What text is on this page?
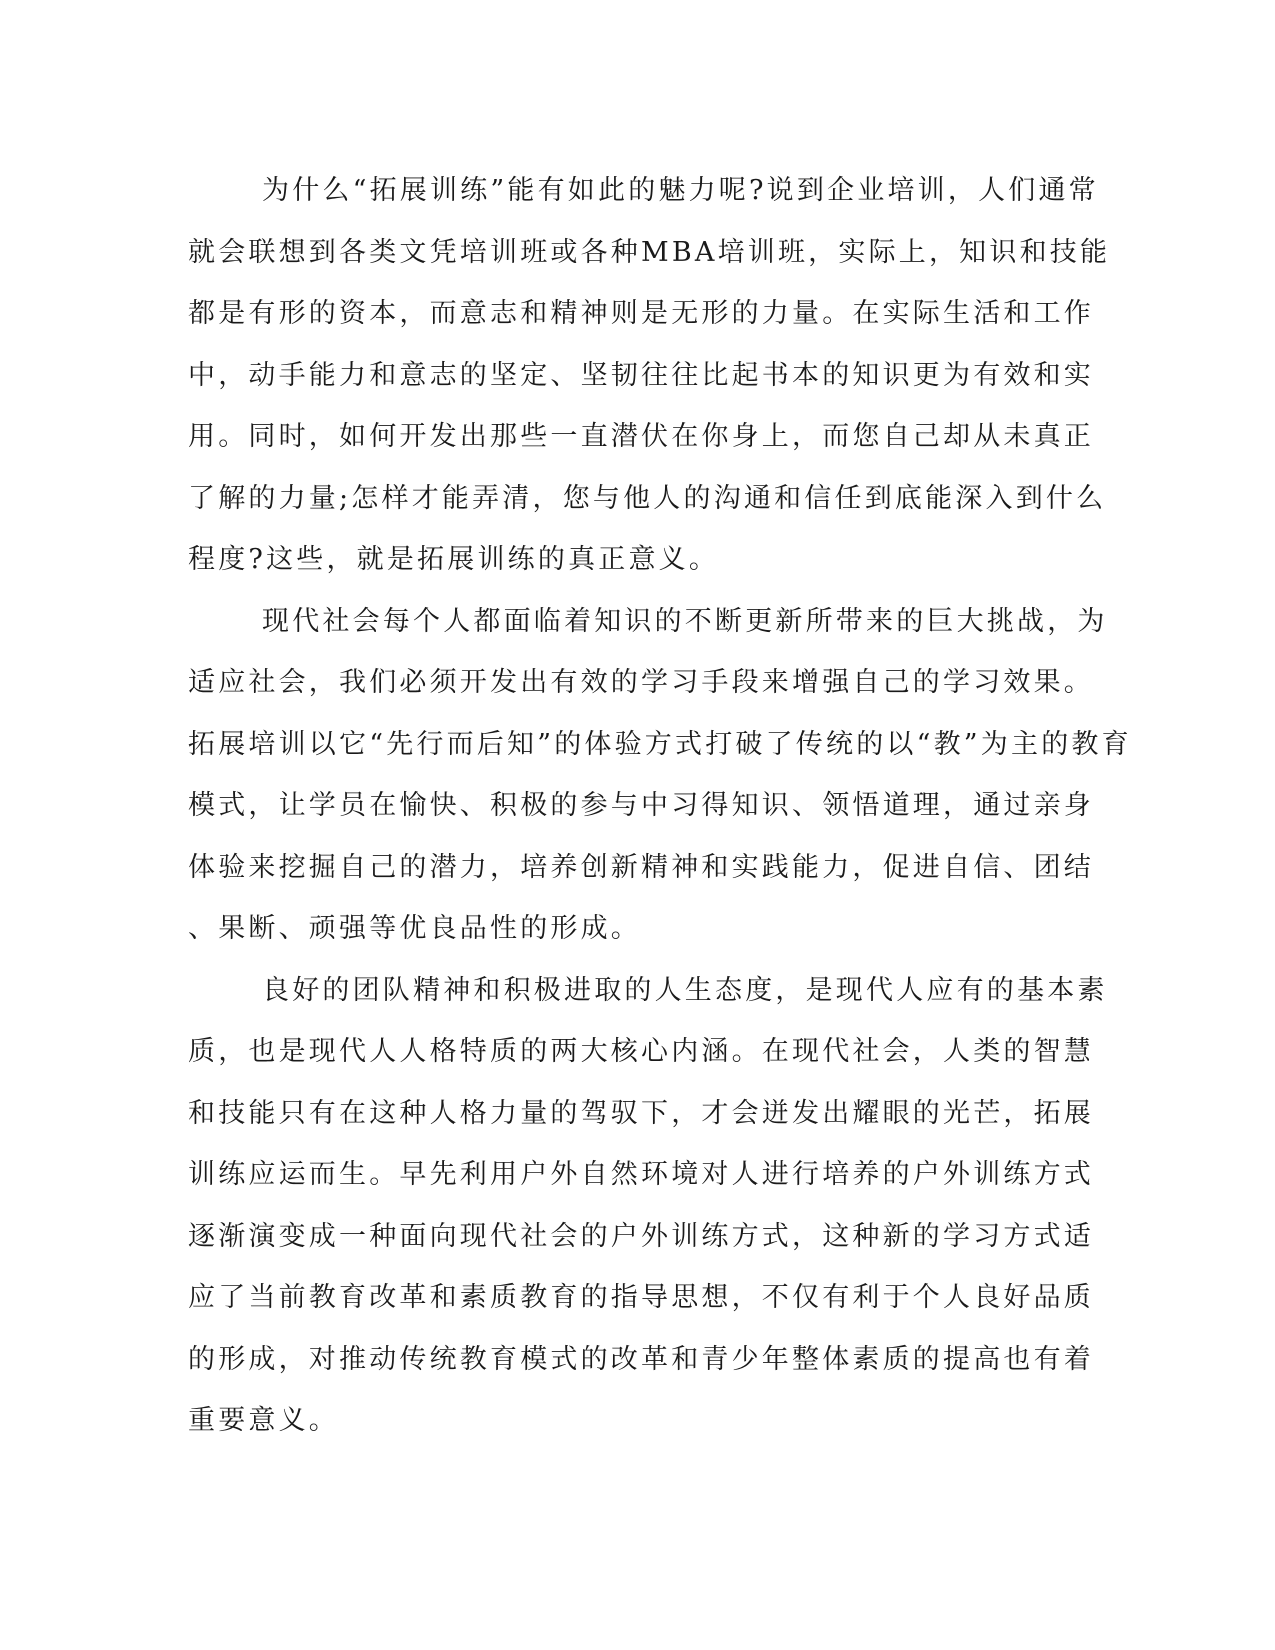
为什么“拓展训练”能有如此的魅力呢?说到企业培训，人们通常
就会联想到各类文凭培训班或各种MBA培训班，实际上，知识和技能
都是有形的资本，而意志和精神则是无形的力量。在实际生活和工作
中，动手能力和意志的坚定、坚韧往往比起书本的知识更为有效和实
用。同时，如何开发出那些一直潜伏在你身上，而您自己却从未真正
了解的力量;怎样才能弄清，您与他人的沟通和信任到底能深入到什么
程度?这些，就是拓展训练的真正意义。

现代社会每个人都面临着知识的不断更新所带来的巨大挑战，为
适应社会，我们必须开发出有效的学习手段来增强自己的学习效果。
拓展培训以它“先行而后知”的体验方式打破了传统的以“教”为主的教育
模式，让学员在愉快、积极的参与中习得知识、领悟道理，通过亲身
体验来挖掘自己的潜力，培养创新精神和实践能力，促进自信、团结
、果断、顽强等优良品性的形成。

良好的团队精神和积极进取的人生态度，是现代人应有的基本素
质，也是现代人人格特质的两大核心内涵。在现代社会，人类的智慧
和技能只有在这种人格力量的驾驭下，才会迸发出耀眼的光芒，拓展
训练应运而生。早先利用户外自然环境对人进行培养的户外训练方式
逐渐演变成一种面向现代社会的户外训练方式，这种新的学习方式适
应了当前教育改革和素质教育的指导思想，不仅有利于个人良好品质
的形成，对推动传统教育模式的改革和青少年整体素质的提高也有着
重要意义。
